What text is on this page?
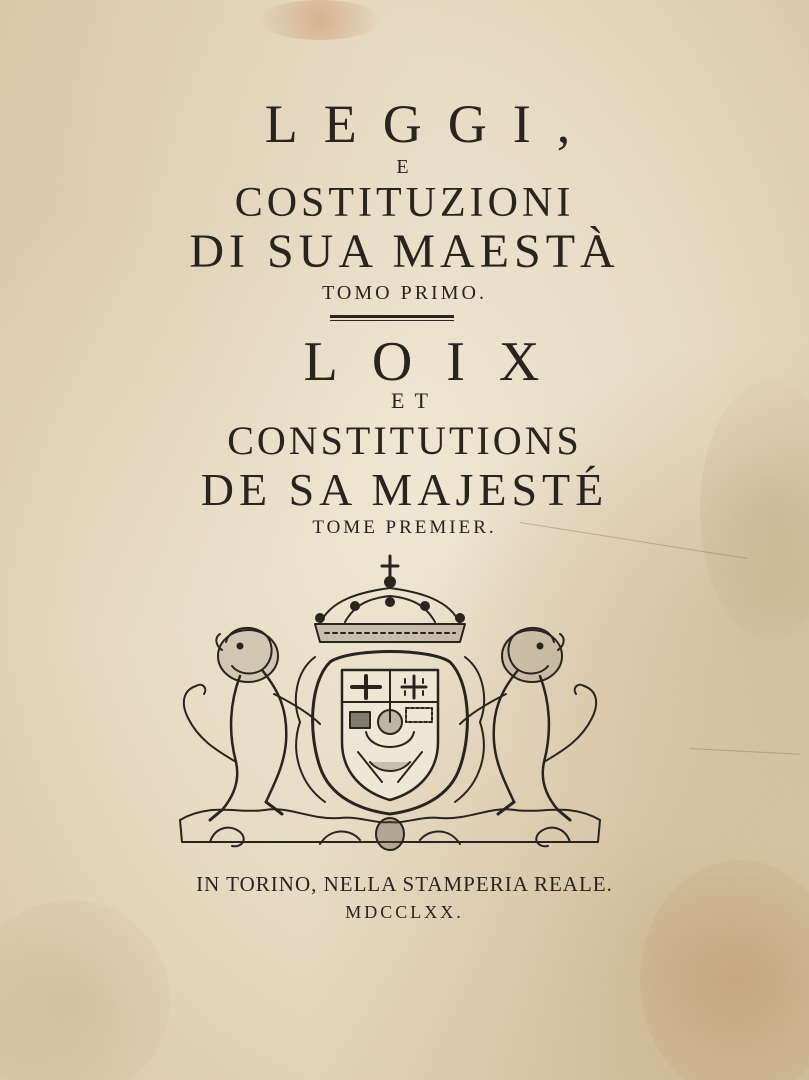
LEGGI,
E
COSTITUZIONI
DI SUA MAESTÀ
TOMO PRIMO.
LOIX
ET
CONSTITUTIONS
DE SA MAJESTÉ
TOME PREMIER.
IN TORINO, NELLA STAMPERIA REALE.
MDCCLXX.
